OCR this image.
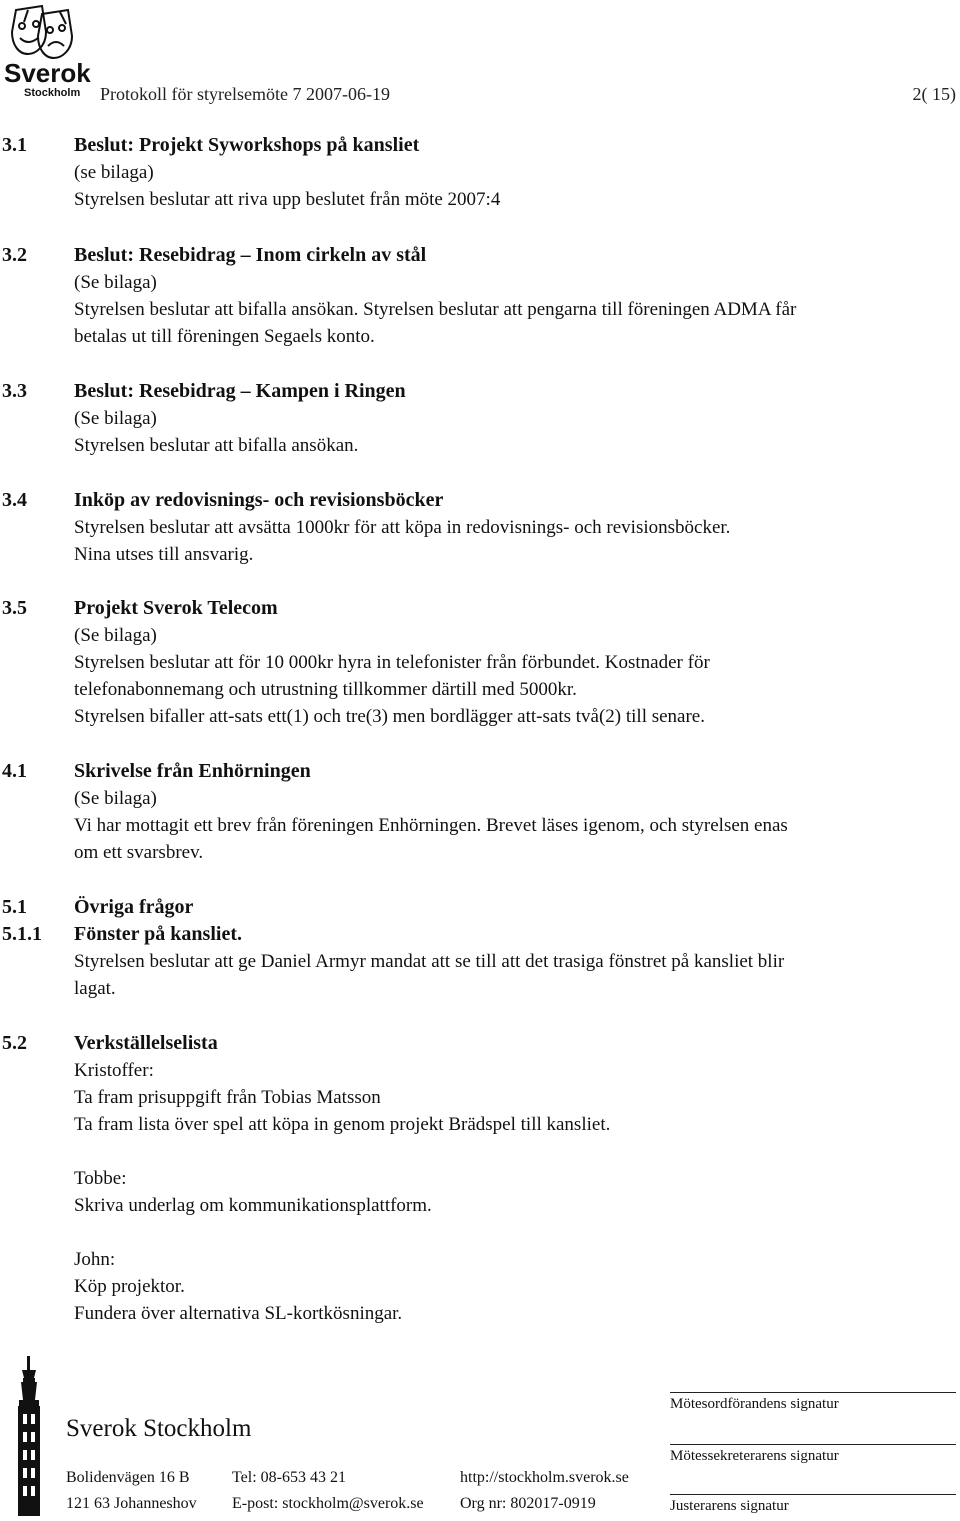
Sverok
Stockholm Protokoll för styrelsemöte 7 2007-06-19	2( 15)
3.1 Beslut: Projekt Syworkshops på kansliet
(se bilaga)
Styrelsen beslutar att riva upp beslutet från möte 2007:4
3.2 Beslut: Resebidrag – Inom cirkeln av stål
(Se bilaga)
Styrelsen beslutar att bifalla ansökan. Styrelsen beslutar att pengarna till föreningen ADMA får
betalas ut till föreningen Segaels konto.
3.3 Beslut: Resebidrag – Kampen i Ringen
(Se bilaga)
Styrelsen beslutar att bifalla ansökan.
3.4 Inköp av redovisnings- och revisionsböcker
Styrelsen beslutar att avsätta 1000kr för att köpa in redovisnings- och revisionsböcker.
Nina utses till ansvarig.
3.5 Projekt Sverok Telecom
(Se bilaga)
Styrelsen beslutar att för 10 000kr hyra in telefonister från förbundet. Kostnader för
telefonabonnemang och utrustning tillkommer därtill med 5000kr.
Styrelsen bifaller att-sats ett(1) och tre(3) men bordlägger att-sats två(2) till senare.
4.1 Skrivelse från Enhörningen
(Se bilaga)
Vi har mottagit ett brev från föreningen Enhörningen. Brevet läses igenom, och styrelsen enas
om ett svarsbrev.
5.1 Övriga frågor
5.1.1 Fönster på kansliet.
Styrelsen beslutar att ge Daniel Armyr mandat att se till att det trasiga fönstret på kansliet blir
lagat.
5.2 Verkställelselista
Kristoffer:
Ta fram prisuppgift från Tobias Matsson
Ta fram lista över spel att köpa in genom projekt Brädspel till kansliet.
Tobbe:
Skriva underlag om kommunikationsplattform.
John:
Köp projektor.
Fundera över alternativa SL-kortkösningar.
Sverok Stockholm
Bolidenvägen 16 B
121 63 Johanneshov
Tel: 08-653 43 21
E-post: stockholm@sverok.se
http://stockholm.sverok.se
Org nr: 802017-0919
Mötesordförandens signatur
Mötessekreterarens signatur
Justerarens signatur
